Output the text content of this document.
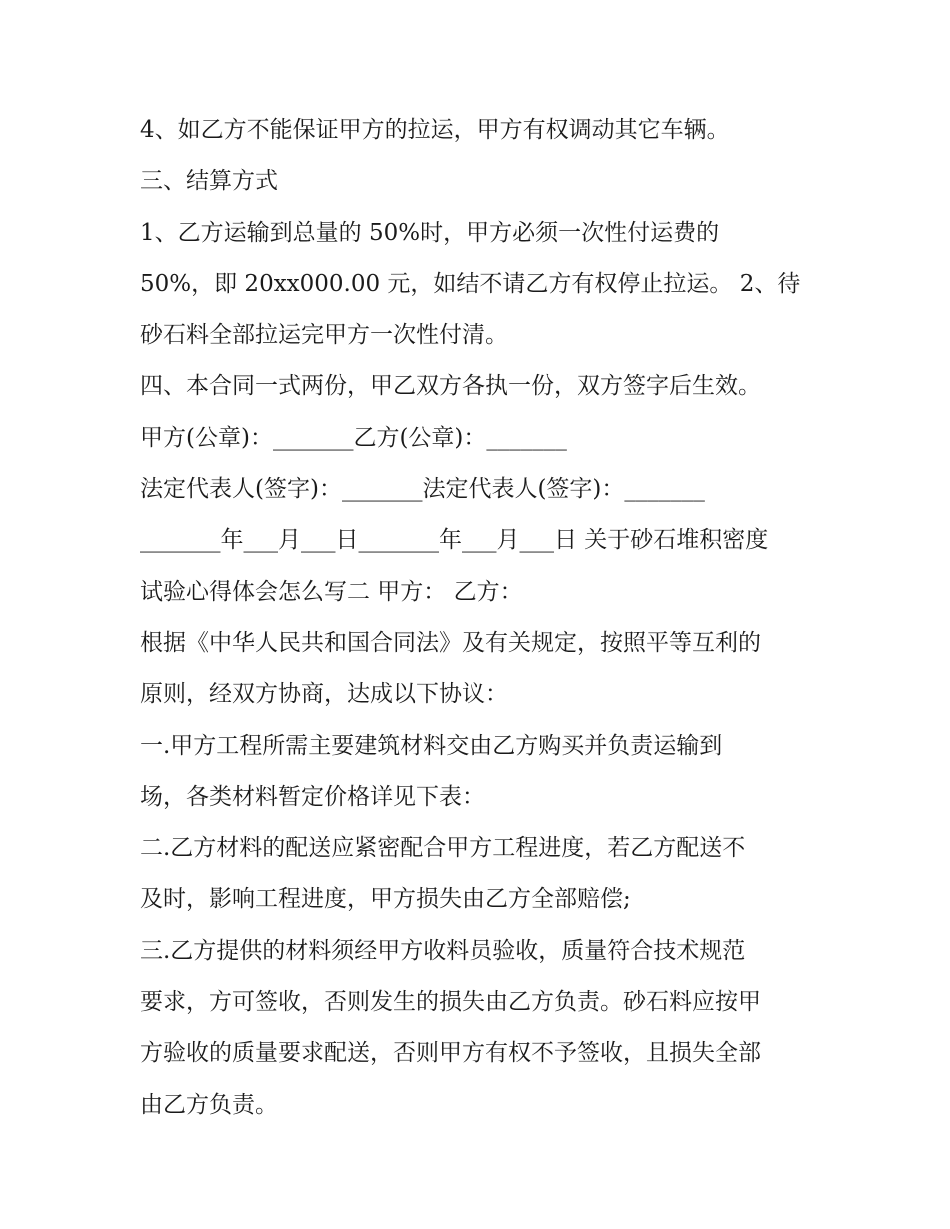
4、如乙方不能保证甲方的拉运，甲方有权调动其它车辆。
三、结算方式
1、乙方运输到总量的 50%时，甲方必须一次性付运费的
50%，即 20xx000.00 元，如结不请乙方有权停止拉运。 2、待
砂石料全部拉运完甲方一次性付清。
四、本合同一式两份，甲乙双方各执一份，双方签字后生效。
甲方(公章)：_______乙方(公章)：_______
法定代表人(签字)：_______法定代表人(签字)：_______
_______年___月___日_______年___月___日 关于砂石堆积密度
试验心得体会怎么写二 甲方： 乙方：
根据《中华人民共和国合同法》及有关规定，按照平等互利的
原则，经双方协商，达成以下协议：
一.甲方工程所需主要建筑材料交由乙方购买并负责运输到
场，各类材料暂定价格详见下表：
二.乙方材料的配送应紧密配合甲方工程进度，若乙方配送不
及时，影响工程进度，甲方损失由乙方全部赔偿;
三.乙方提供的材料须经甲方收料员验收，质量符合技术规范
要求，方可签收，否则发生的损失由乙方负责。砂石料应按甲
方验收的质量要求配送，否则甲方有权不予签收，且损失全部
由乙方负责。
